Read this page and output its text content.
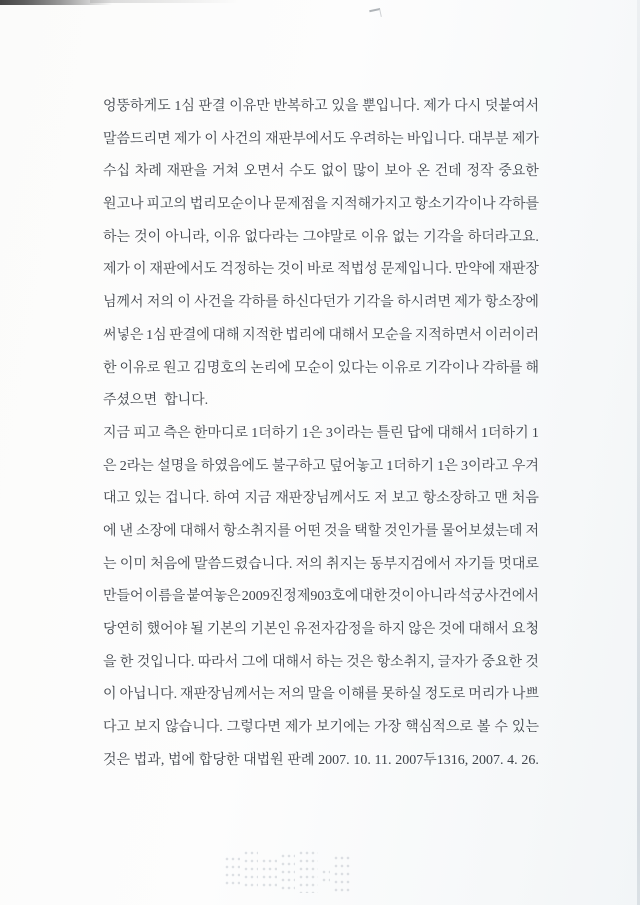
엉뚱하게도 1심 판결 이유만 반복하고 있을 뿐입니다. 제가 다시 덧붙여서
말씀드리면 제가 이 사건의 재판부에서도 우려하는 바입니다. 대부분 제가
수십 차례 재판을 거쳐 오면서 수도 없이 많이 보아 온 건데 정작 중요한
원고나 피고의 법리모순이나 문제점을 지적해가지고 항소기각이나 각하를
하는 것이 아니라, 이유 없다라는 그야말로 이유 없는 기각을 하더라고요.
제가 이 재판에서도 걱정하는 것이 바로 적법성 문제입니다. 만약에 재판장
님께서 저의 이 사건을 각하를 하신다던가 기각을 하시려면 제가 항소장에
써넣은 1심 판결에 대해 지적한 법리에 대해서 모순을 지적하면서 이러이러
한 이유로 원고 김명호의 논리에 모순이 있다는 이유로 기각이나 각하를 해
주셨으면 합니다.
지금 피고 측은 한마디로 1더하기 1은 3이라는 틀린 답에 대해서 1더하기 1
은 2라는 설명을 하였음에도 불구하고 덮어놓고 1더하기 1은 3이라고 우겨
대고 있는 겁니다. 하여 지금 재판장님께서도 저 보고 항소장하고 맨 처음
에 낸 소장에 대해서 항소취지를 어떤 것을 택할 것인가를 물어보셨는데 저
는 이미 처음에 말씀드렸습니다. 저의 취지는 동부지검에서 자기들 멋대로
만들어 이름을 붙여놓은 2009진정제903호에 대한 것이 아니라 석궁사건에서
당연히 했어야 될 기본의 기본인 유전자감정을 하지 않은 것에 대해서 요청
을 한 것입니다. 따라서 그에 대해서 하는 것은 항소취지, 글자가 중요한 것
이 아닙니다. 재판장님께서는 저의 말을 이해를 못하실 정도로 머리가 나쁘
다고 보지 않습니다. 그렇다면 제가 보기에는 가장 핵심적으로 볼 수 있는
것은 법과, 법에 합당한 대법원 판례 2007. 10. 11. 2007두1316, 2007. 4. 26.
